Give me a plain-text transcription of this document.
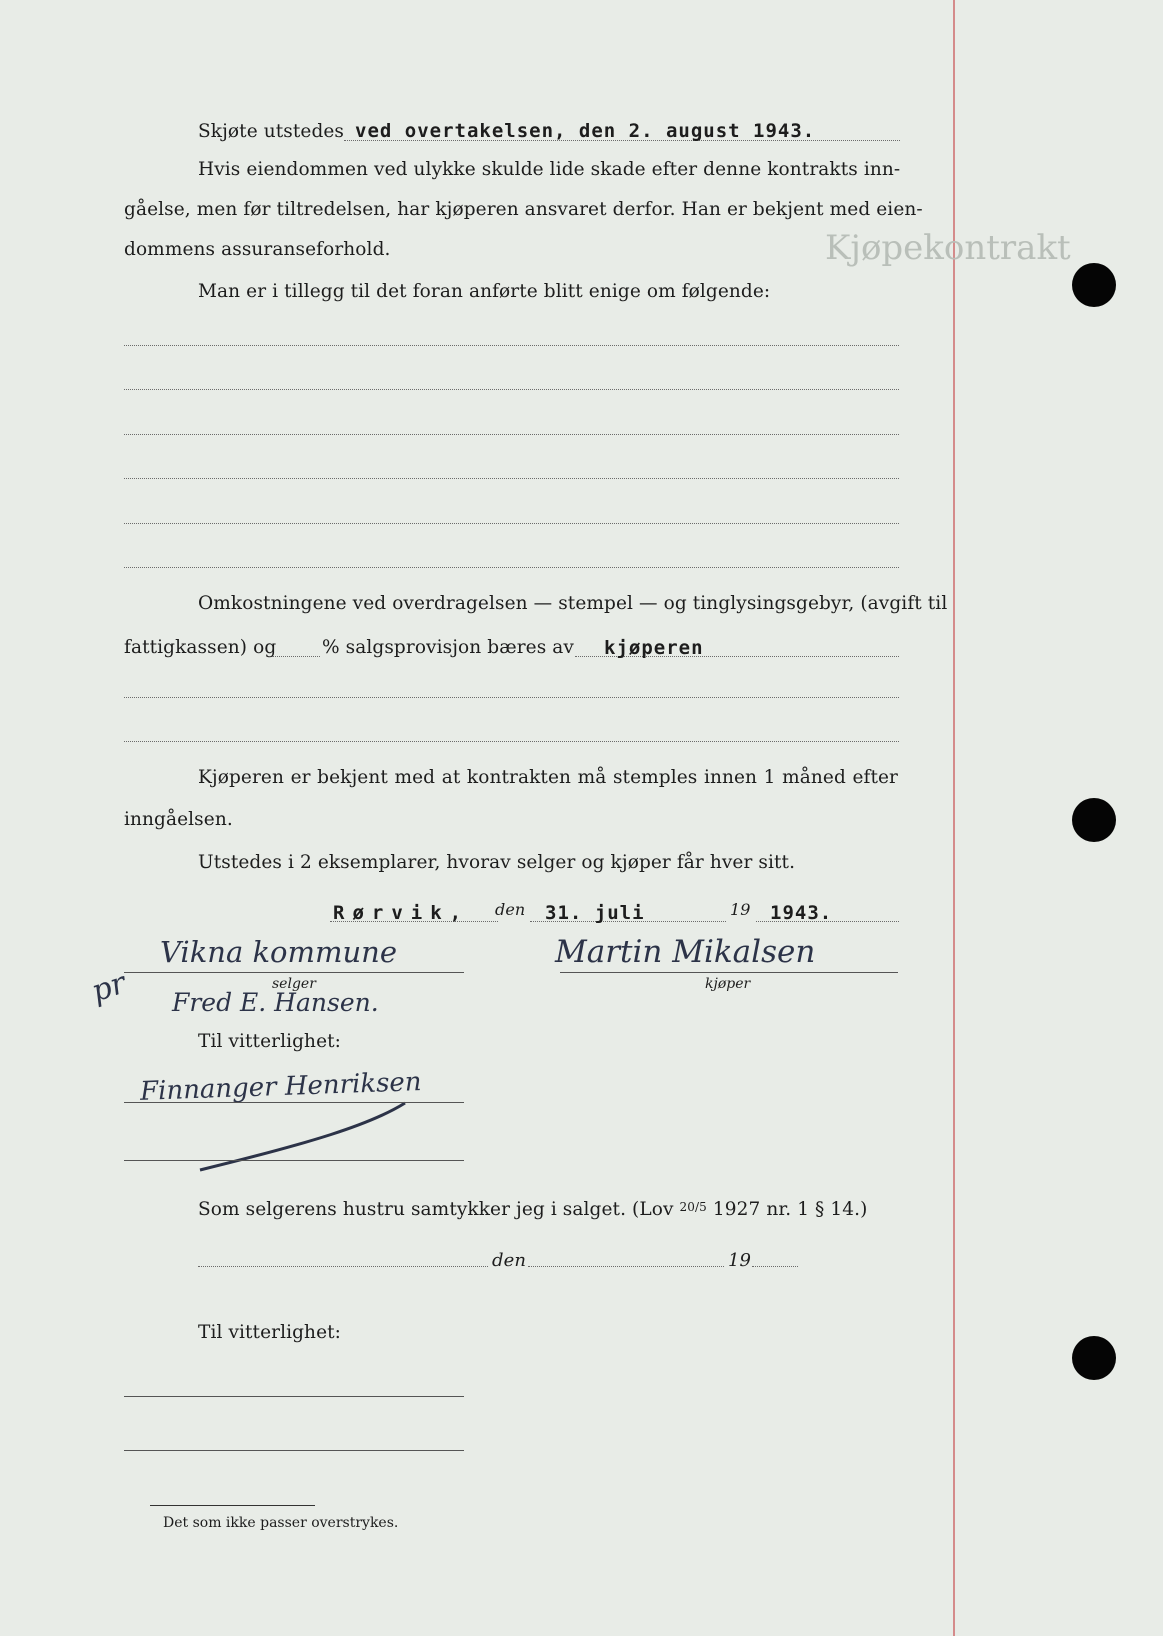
Kjøpekontrakt
Skjøte utstedes ved overtakelsen, den 2. august 1943.
Hvis eiendommen ved ulykke skulde lide skade efter denne kontrakts inn-
gåelse, men før tiltredelsen, har kjøperen ansvaret derfor. Han er bekjent med eien-
dommens assuranseforhold.
Man er i tillegg til det foran anførte blitt enige om følgende:
Omkostningene ved overdragelsen — stempel — og tinglysingsgebyr, (avgift til
fattigkassen) og % salgsprovisjon bæres av kjøperen
Kjøperen er bekjent med at kontrakten må stemples innen 1 måned efter
inngåelsen.
Utstedes i 2 eksemplarer, hvorav selger og kjøper får hver sitt.
Rørvik, den 31. juli	19 1943.
pr
Vikna kommune
selger
Fred E. Hansen.
Martin Mikalsen
kjøper
Til vitterlighet:
Finnanger Henriksen
Som selgerens hustru samtykker jeg i salget. (Lov $^{20/5}$ 1927 nr. 1 § 14.)
den	19
Til vitterlighet:
Det som ikke passer overstrykes.
